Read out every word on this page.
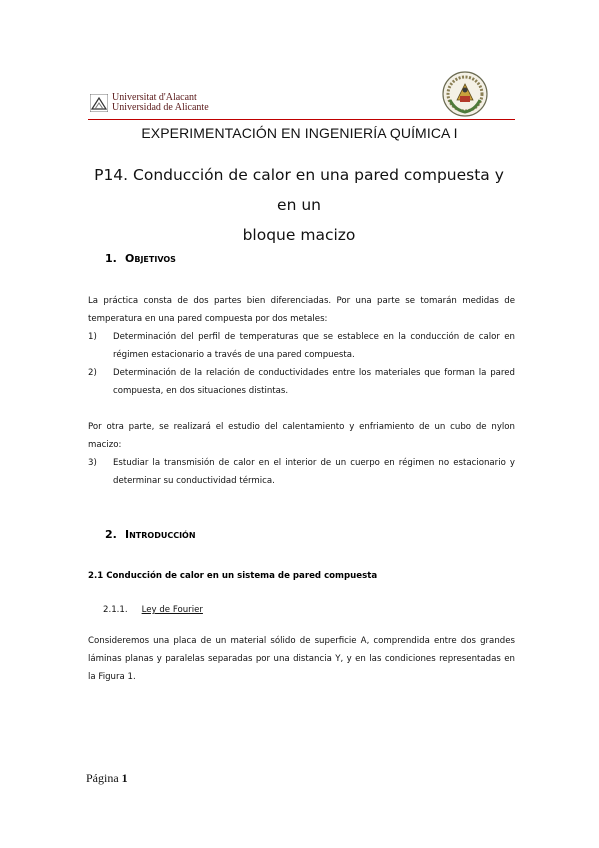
Universitat d'Alacant
Universidad de Alicante
EXPERIMENTACIÓN EN INGENIERÍA QUÍMICA I
P14. Conducción de calor en una pared compuesta y en un
bloque macizo
1. Objetivos
La práctica consta de dos partes bien diferenciadas. Por una parte se tomarán medidas de temperatura en una pared compuesta por dos metales:
1) Determinación del perfil de temperaturas que se establece en la conducción de calor en régimen estacionario a través de una pared compuesta.
2) Determinación de la relación de conductividades entre los materiales que forman la pared compuesta, en dos situaciones distintas.
Por otra parte, se realizará el estudio del calentamiento y enfriamiento de un cubo de nylon macizo:
3) Estudiar la transmisión de calor en el interior de un cuerpo en régimen no estacionario y determinar su conductividad térmica.
2. Introducción
2.1 Conducción de calor en un sistema de pared compuesta
2.1.1. Ley de Fourier
Consideremos una placa de un material sólido de superficie A, comprendida entre dos grandes láminas planas y paralelas separadas por una distancia Y, y en las condiciones representadas en la Figura 1.
Página 1
